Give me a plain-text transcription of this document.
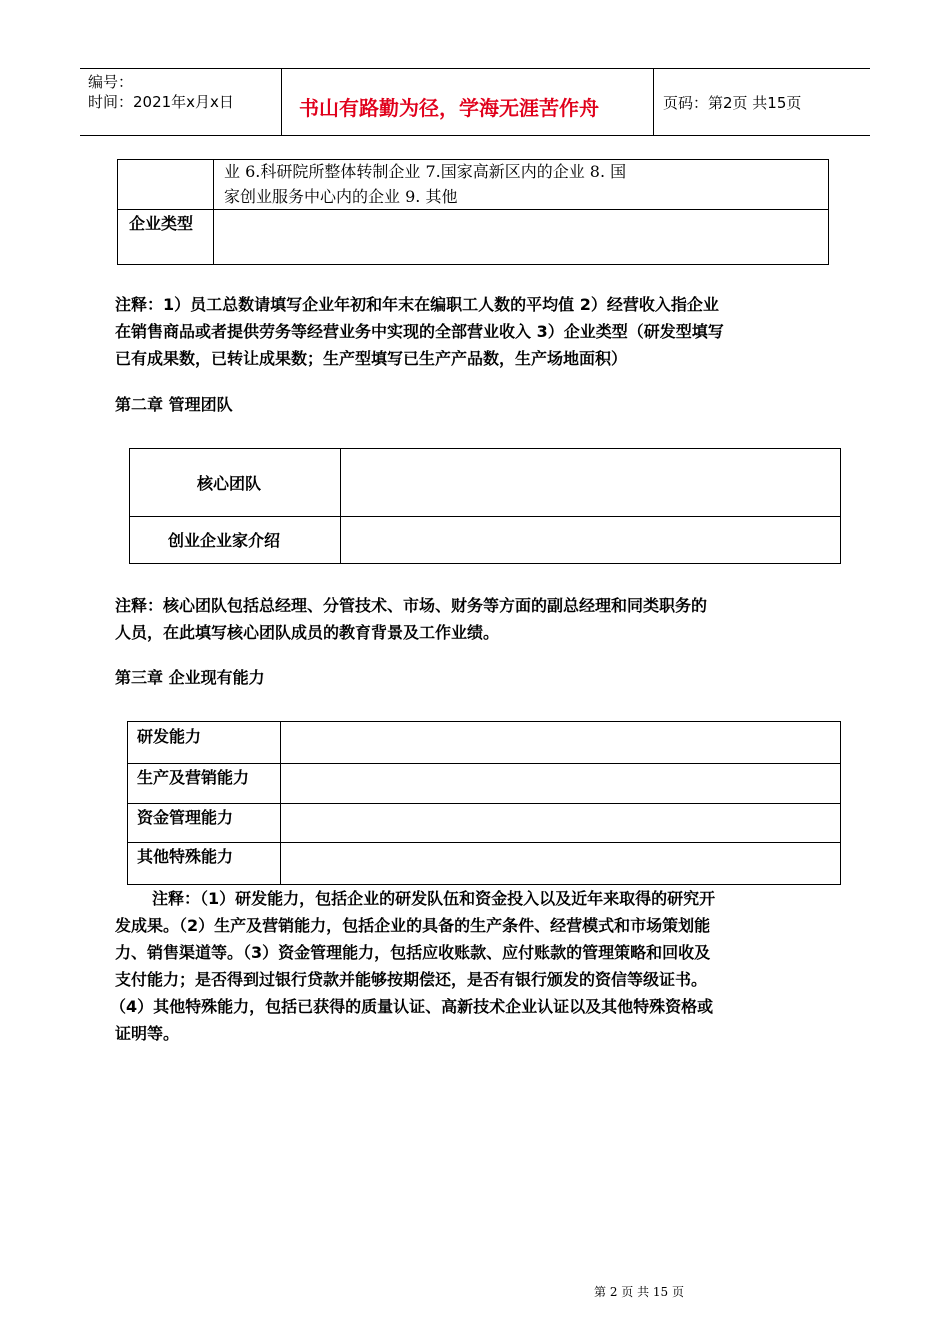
编号：
时间：2021年x月x日	书山有路勤为径，学海无涯苦作舟	页码：第2页 共15页
业 6.科研院所整体转制企业 7.国家高新区内的企业 8. 国
家创业服务中心内的企业 9. 其他
企业类型
注释：1）员工总数请填写企业年初和年末在编职工人数的平均值 2）经营收入指企业
在销售商品或者提供劳务等经营业务中实现的全部营业收入 3）企业类型（研发型填写
已有成果数，已转让成果数；生产型填写已生产产品数，生产场地面积）
第二章 管理团队
核心团队
创业企业家介绍
注释：核心团队包括总经理、分管技术、市场、财务等方面的副总经理和同类职务的
人员，在此填写核心团队成员的教育背景及工作业绩。
第三章 企业现有能力
研发能力
生产及营销能力
资金管理能力
其他特殊能力
注释：（1）研发能力，包括企业的研发队伍和资金投入以及近年来取得的研究开
发成果。（2）生产及营销能力，包括企业的具备的生产条件、经营模式和市场策划能
力、销售渠道等。（3）资金管理能力，包括应收账款、应付账款的管理策略和回收及
支付能力；是否得到过银行贷款并能够按期偿还，是否有银行颁发的资信等级证书。
（4）其他特殊能力，包括已获得的质量认证、高新技术企业认证以及其他特殊资格或
证明等。
第 2 页 共 15 页
